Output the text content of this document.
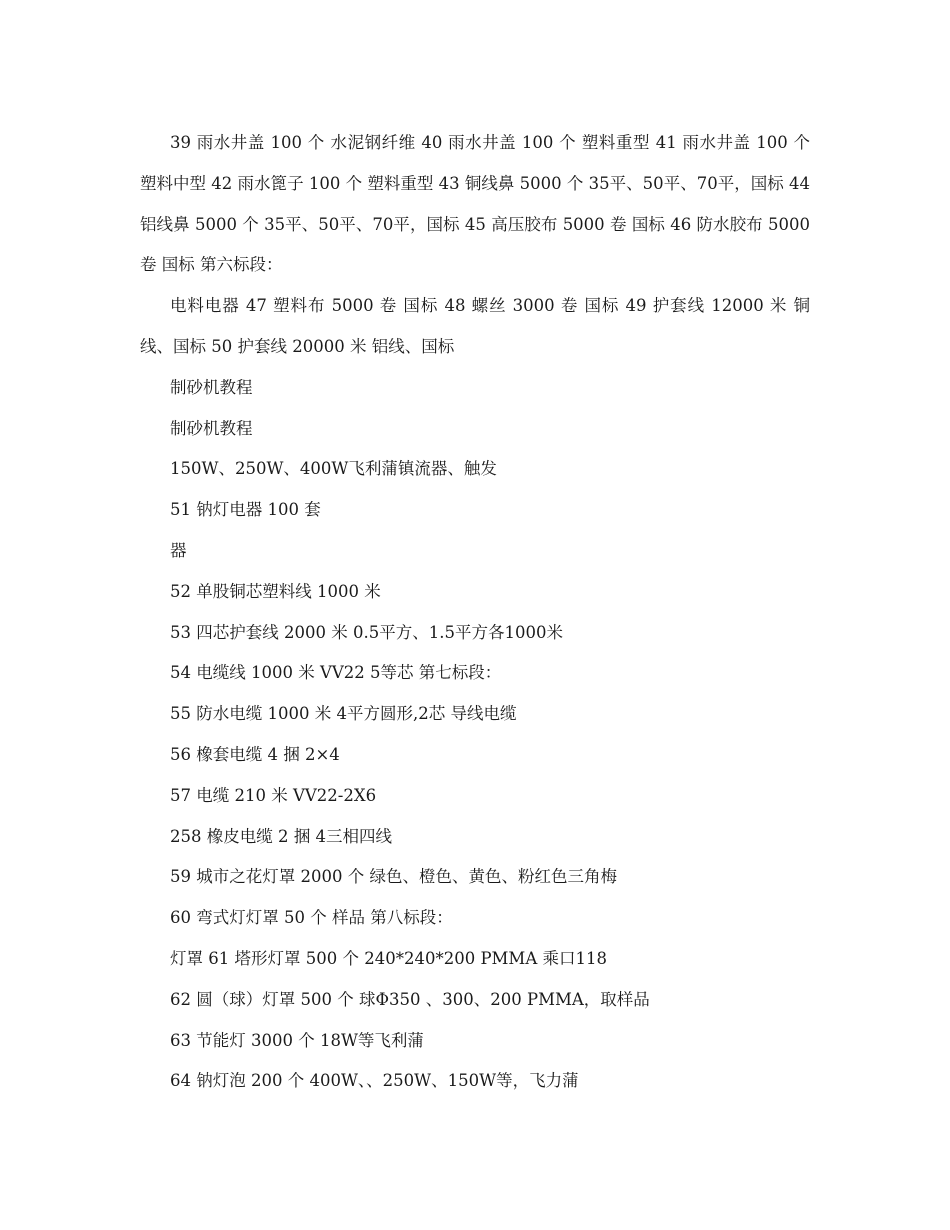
39 雨水井盖 100 个 水泥钢纤维 40 雨水井盖 100 个 塑料重型 41 雨水井盖 100 个 塑料中型 42 雨水篦子 100 个 塑料重型 43 铜线鼻 5000 个 35平、50平、70平，国标 44 铝线鼻 5000 个 35平、50平、70平，国标 45 高压胶布 5000 卷 国标 46 防水胶布 5000 卷 国标 第六标段：

电料电器 47 塑料布 5000 卷 国标 48 螺丝 3000 卷 国标 49 护套线 12000 米 铜线、国标 50 护套线 20000 米 铝线、国标

制砂机教程

制砂机教程

150W、250W、400W飞利蒲镇流器、触发

51 钠灯电器 100 套

器

52 单股铜芯塑料线 1000 米

53 四芯护套线 2000 米 0.5平方、1.5平方各1000米

54 电缆线 1000 米 VV22 5等芯 第七标段：

55 防水电缆 1000 米 4平方圆形,2芯 导线电缆

56 橡套电缆 4 捆 2×4

57 电缆 210 米 VV22-2X6

258 橡皮电缆 2 捆 4三相四线

59 城市之花灯罩 2000 个 绿色、橙色、黄色、粉红色三角梅

60 弯式灯灯罩 50 个 样品 第八标段：

灯罩 61 塔形灯罩 500 个 240*240*200 PMMA 乘口118

62 圆（球）灯罩 500 个 球Φ350 、300、200 PMMA，取样品

63 节能灯 3000 个 18W等飞利蒲

64 钠灯泡 200 个 400W、、250W、150W等，飞力蒲
